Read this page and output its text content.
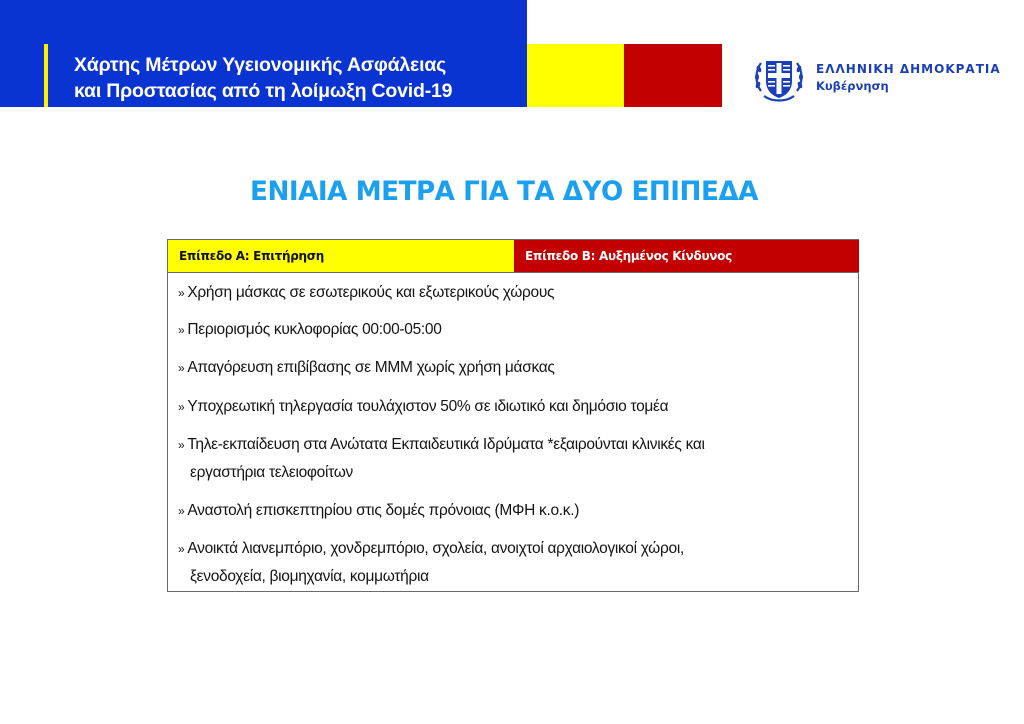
Χάρτης Μέτρων Υγειονομικής Ασφάλειας
και Προστασίας από τη λοίμωξη Covid-19
ΕΛΛΗΝΙΚΗ ΔΗΜΟΚΡΑΤΙΑ
Κυβέρνηση
ΕΝΙΑΙΑ ΜΕΤΡΑ ΓΙΑ ΤΑ ΔΥΟ ΕΠΙΠΕΔΑ
Επίπεδο Α: Επιτήρηση	Επίπεδο Β: Αυξημένος Κίνδυνος
» Χρήση μάσκας σε εσωτερικούς και εξωτερικούς χώρους
» Περιορισμός κυκλοφορίας 00:00-05:00
» Απαγόρευση επιβίβασης σε ΜΜΜ χωρίς χρήση μάσκας
» Υποχρεωτική τηλεργασία τουλάχιστον 50% σε ιδιωτικό και δημόσιο τομέα
» Τηλε-εκπαίδευση στα Ανώτατα Εκπαιδευτικά Ιδρύματα *εξαιρούνται κλινικές και
εργαστήρια τελειοφοίτων
» Αναστολή επισκεπτηρίου στις δομές πρόνοιας (ΜΦΗ κ.ο.κ.)
» Ανοικτά λιανεμπόριο, χονδρεμπόριο, σχολεία, ανοιχτοί αρχαιολογικοί χώροι,
ξενοδοχεία, βιομηχανία, κομμωτήρια
